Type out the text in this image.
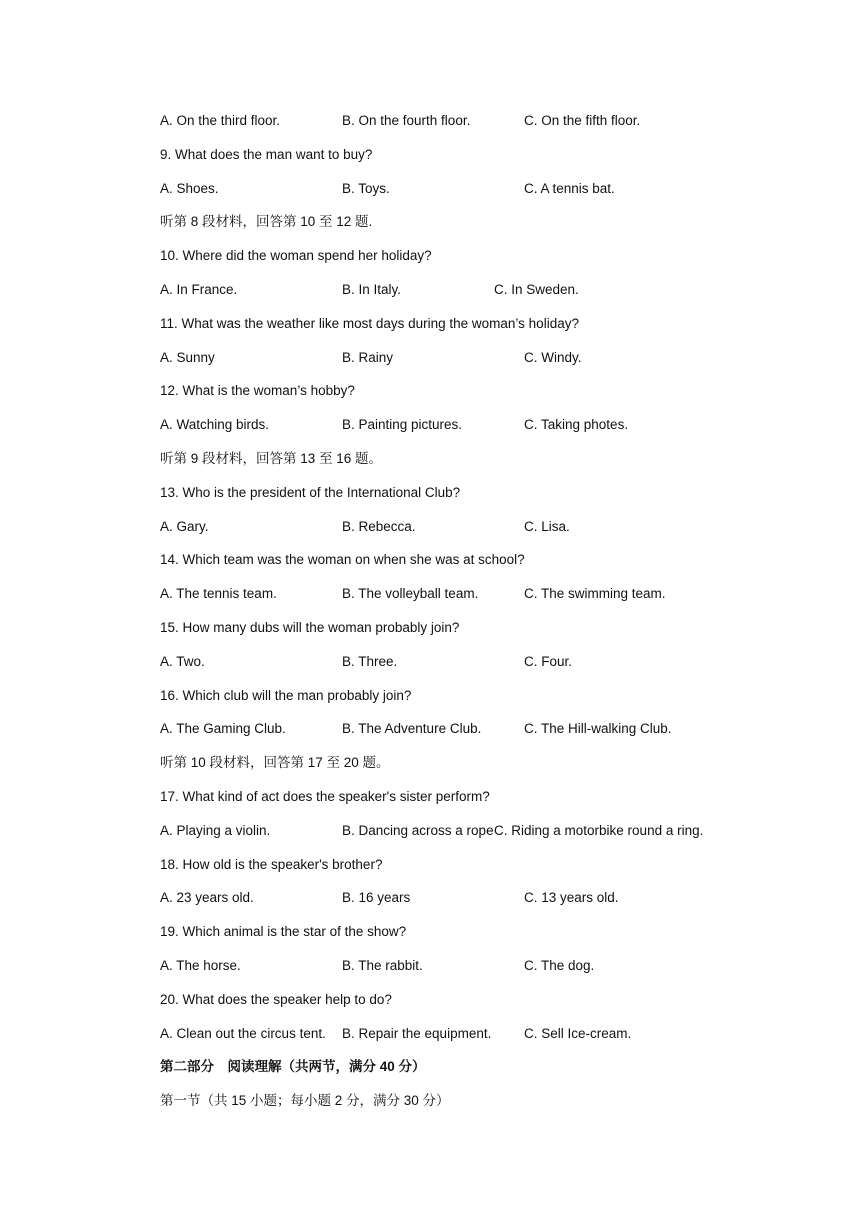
A. On the third floor.	B. On the fourth floor.	C. On the fifth floor.
9. What does the man want to buy?
A. Shoes.	B. Toys.	C. A tennis bat.
听第 8 段材料，回答第 10 至 12 题.
10. Where did the woman spend her holiday?
A. In France.	B. In Italy.	C. In Sweden.
11. What was the weather like most days during the woman’s holiday?
A. Sunny	B. Rainy	C. Windy.
12. What is the woman’s hobby?
A. Watching birds.	B. Painting pictures.	C. Taking photes.
听第 9 段材料，回答第 13 至 16 题。
13. Who is the president of the International Club?
A. Gary.	B. Rebecca.	C. Lisa.
14. Which team was the woman on when she was at school?
A. The tennis team.	B. The volleyball team.	C. The swimming team.
15. How many dubs will the woman probably join?
A. Two.	B. Three.	C. Four.
16. Which club will the man probably join?
A. The Gaming Club.	B. The Adventure Club.	C. The Hill-walking Club.
听第 10 段材料，回答第 17 至 20 题。
17. What kind of act does the speaker's sister perform?
A. Playing a violin.	B. Dancing across a rope C. Riding a motorbike round a ring.
18. How old is the speaker's brother?
A. 23 years old.	B. 16 years	C. 13 years old.
19. Which animal is the star of the show?
A. The horse.	B. The rabbit.	C. The dog.
20. What does the speaker help to do?
A. Clean out the circus tent. B. Repair the equipment. C. Sell Ice-cream.
第二部分　阅读理解（共两节，满分 40 分）
第一节（共 15 小题；每小题 2 分，满分 30 分）
